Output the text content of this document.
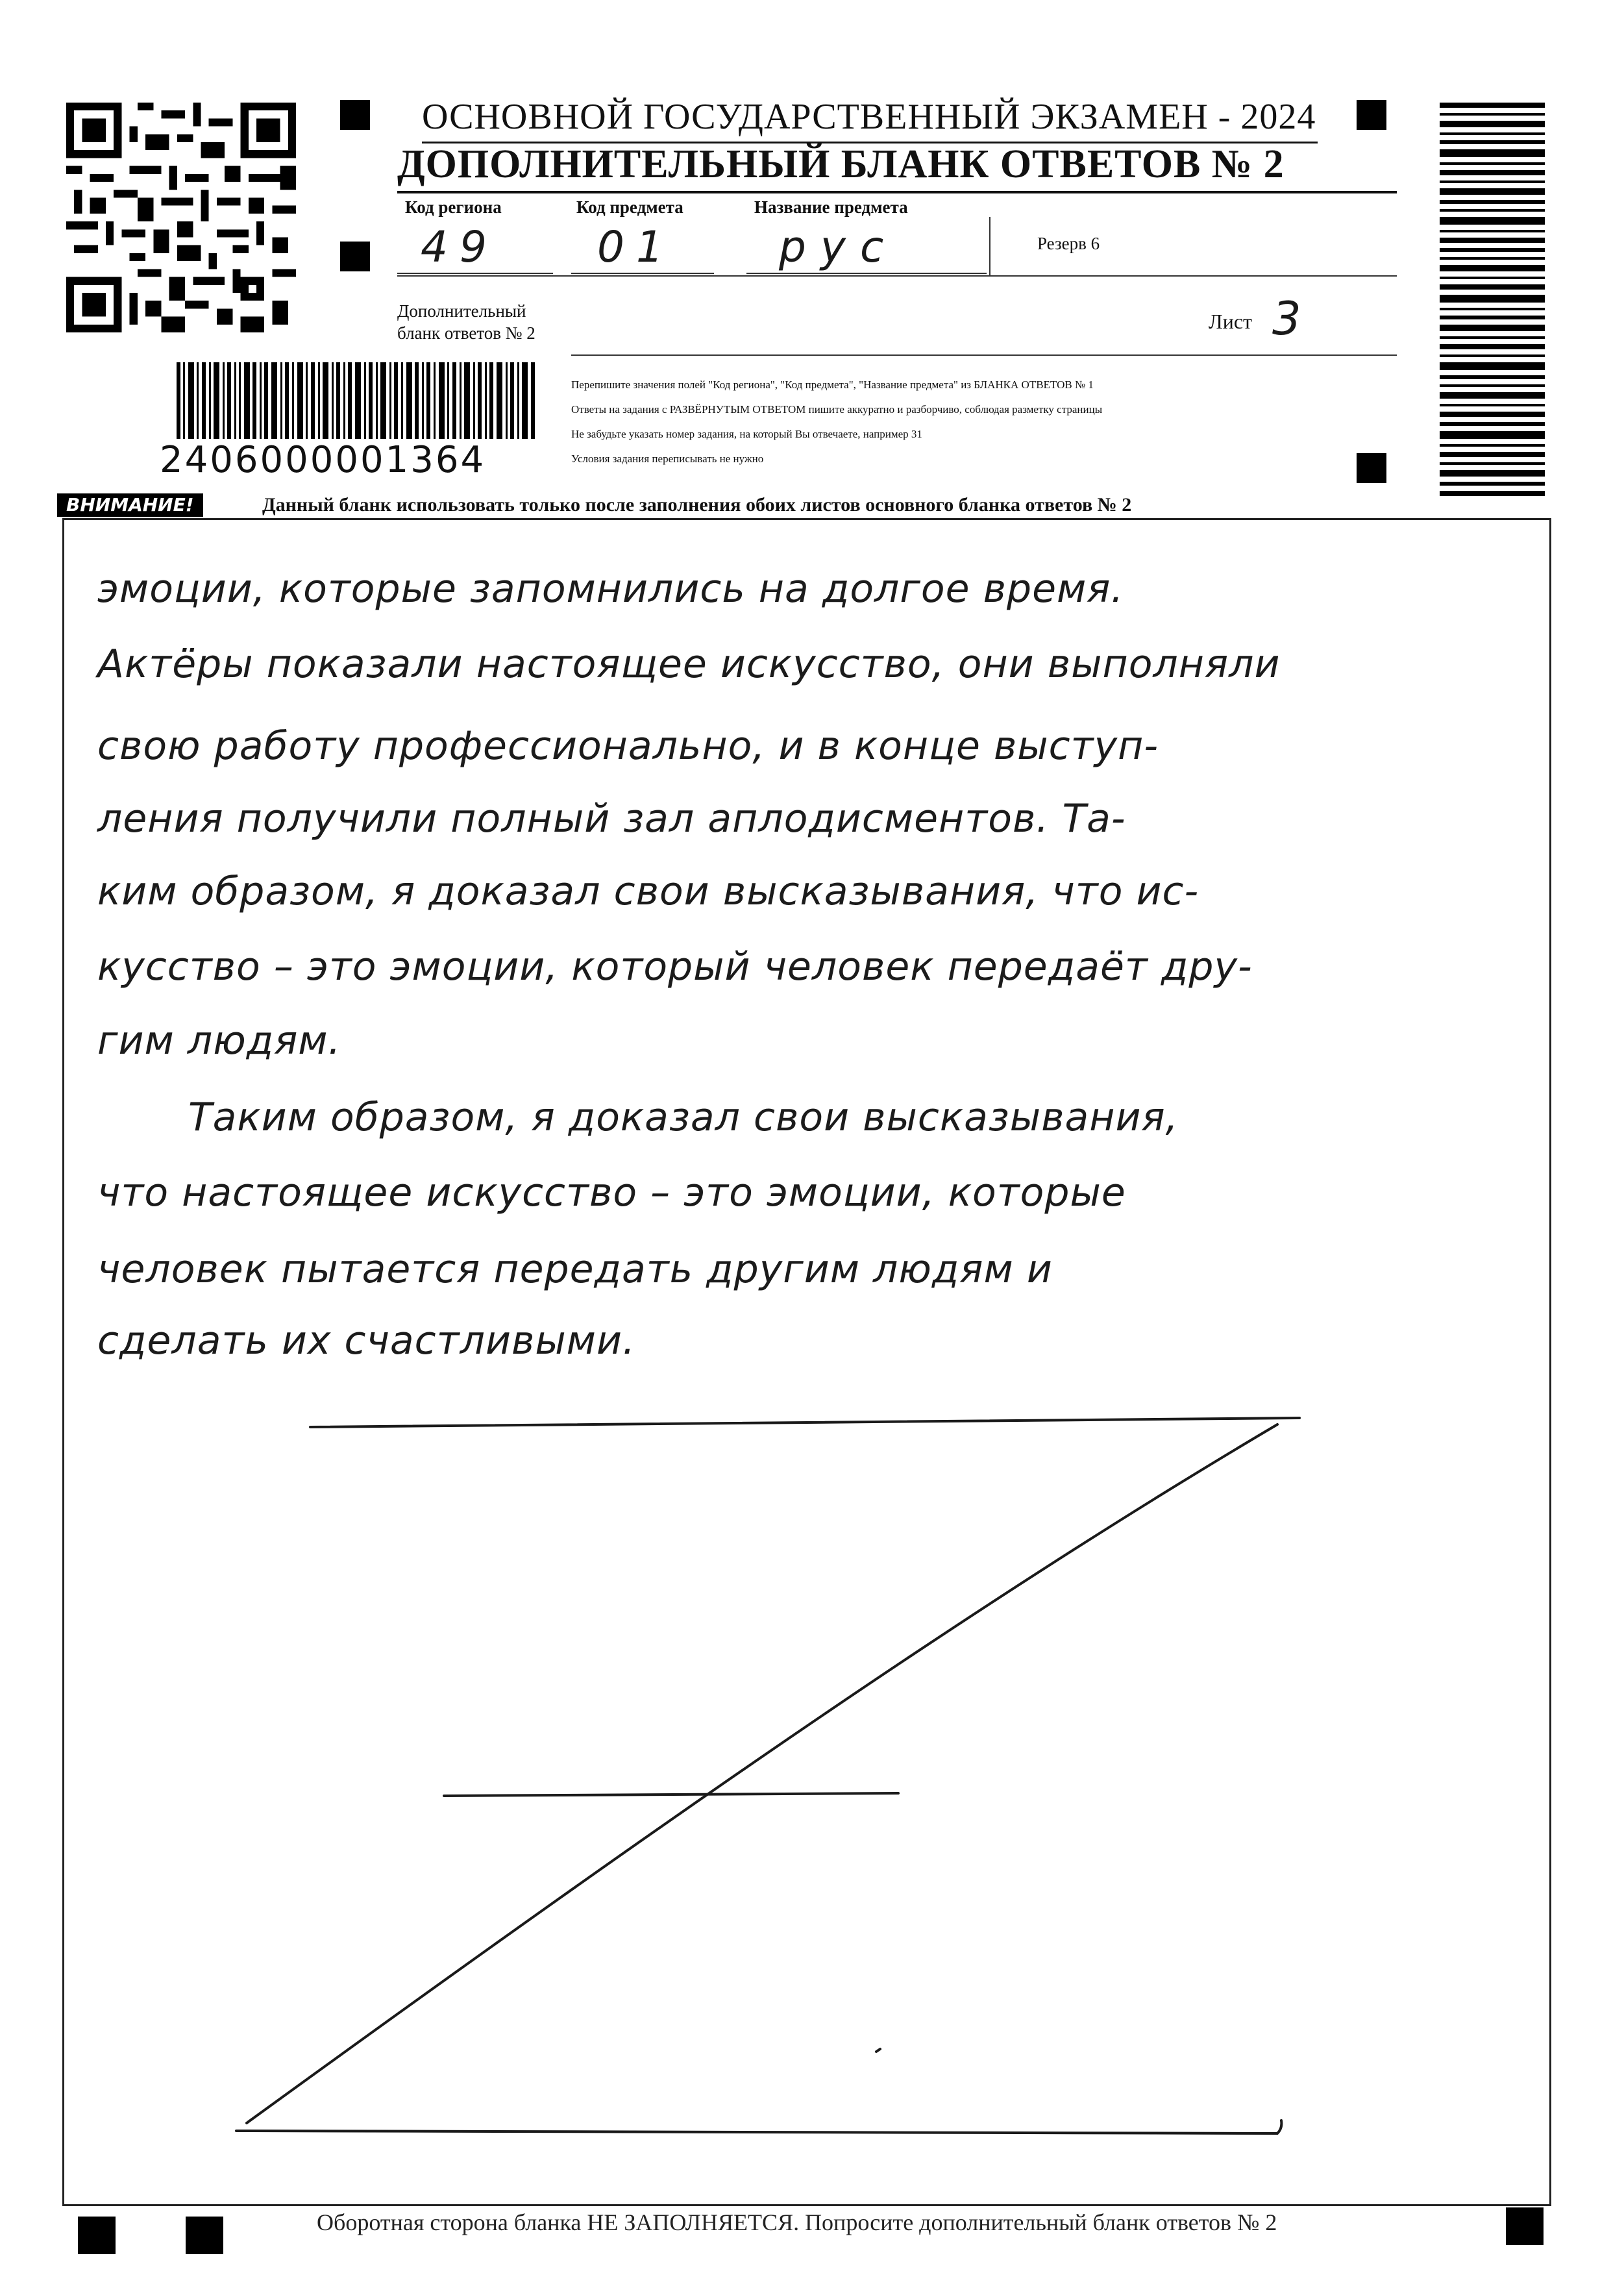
ОСНОВНОЙ ГОСУДАРСТВЕННЫЙ ЭКЗАМЕН - 2024
ДОПОЛНИТЕЛЬНЫЙ БЛАНК ОТВЕТОВ № 2
Код региона	Код предмета	Название предмета
49 01 рус	Резерв 6
Дополнительный
бланк ответов № 2	Лист 3
Перепишите значения полей "Код региона", "Код предмета", "Название предмета" из БЛАНКА ОТВЕТОВ № 1
Ответы на задания с РАЗВЁРНУТЫМ ОТВЕТОМ пишите аккуратно и разборчиво, соблюдая разметку страницы
Не забудьте указать номер задания, на который Вы отвечаете, например 31
Условия задания переписывать не нужно
2406000001364
ВНИМАНИЕ!	Данный бланк использовать только после заполнения обоих листов основного бланка ответов № 2
эмоции, которые запомнились на долгое время.
Актёры показали настоящее искусство, они выполняли
свою работу профессионально, и в конце выступ-
ления получили полный зал аплодисментов. Та-
ким образом, я доказал свои высказывания, что ис-
кусство – это эмоции, который человек передаёт дру-
гим людям.
Таким образом, я доказал свои высказывания,
что настоящее искусство – это эмоции, которые
человек пытается передать другим людям и
сделать их счастливыми.
Оборотная сторона бланка НЕ ЗАПОЛНЯЕТСЯ. Попросите дополнительный бланк ответов № 2
